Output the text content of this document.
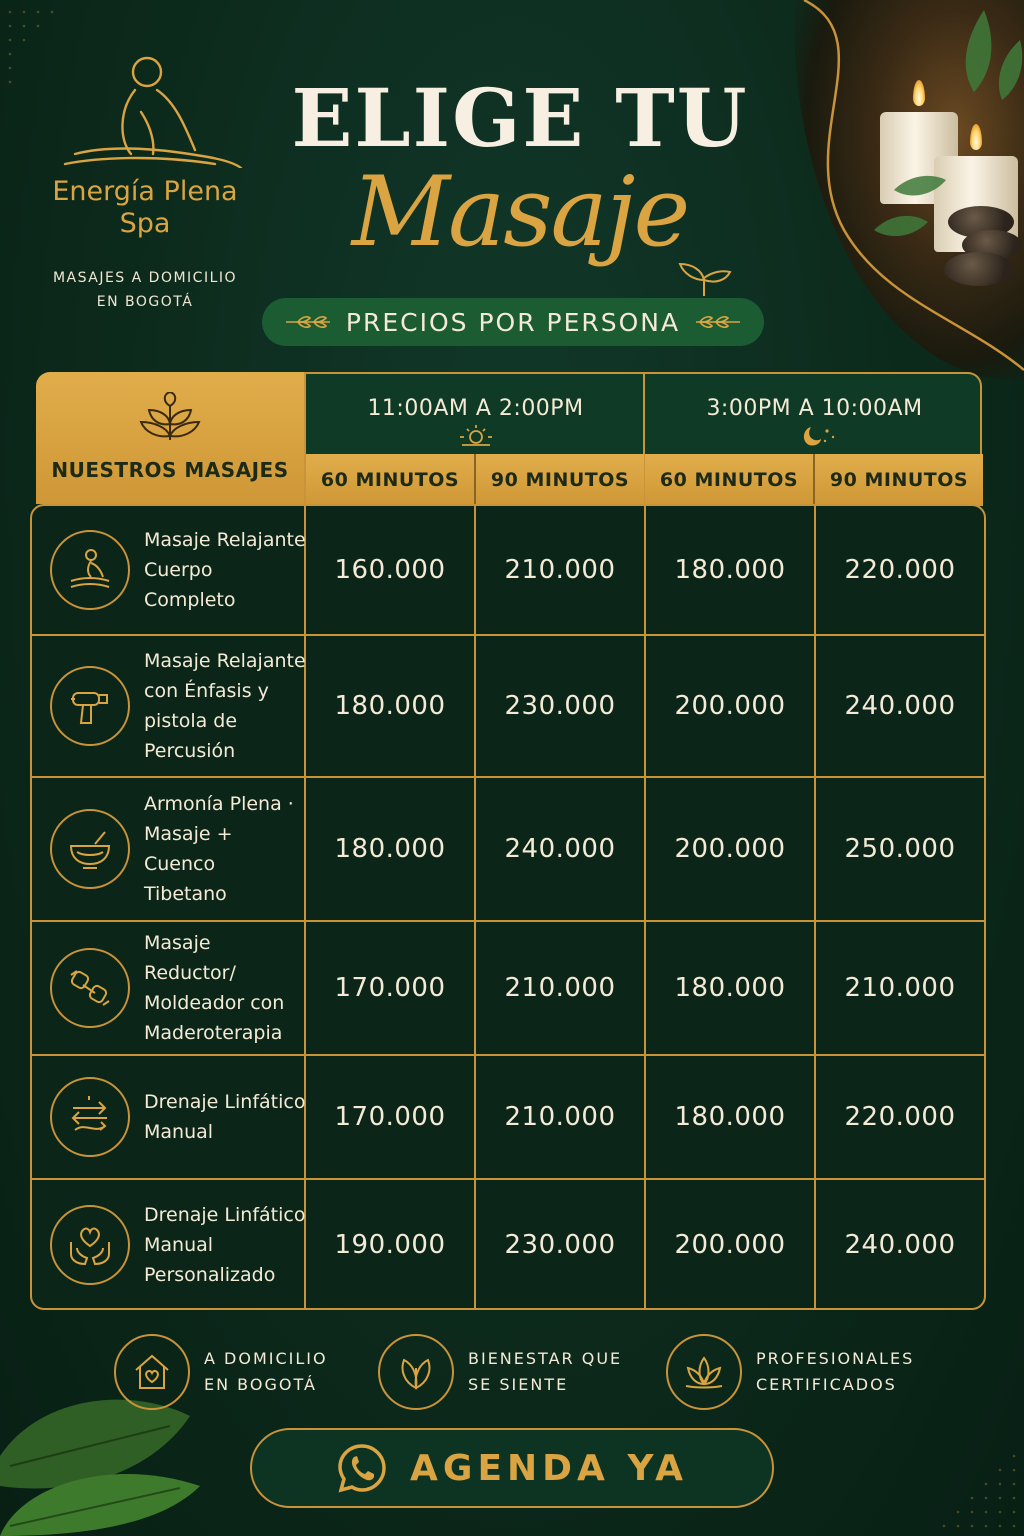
Energía Plena
Spa
MASAJES A DOMICILIO
EN BOGOTÁ
ELIGE TU
Masaje
PRECIOS POR PERSONA
NUESTROS MASAJES
11:00AM A 2:00PM	3:00PM A 10:00AM
60 MINUTOS	90 MINUTOS	60 MINUTOS	90 MINUTOS
Masaje Relajante
Cuerpo Completo
160.000	210.000	180.000	220.000
Masaje Relajante
con Énfasis y
pistola de Percusión
180.000	230.000	200.000	240.000
Armonía Plena ·
Masaje + Cuenco
Tibetano
180.000	240.000	200.000	250.000
Masaje Reductor/
Moldeador con
Maderoterapia
170.000	210.000	180.000	210.000
Drenaje Linfático
Manual	170.000	210.000	180.000	220.000
Drenaje Linfático
Manual
Personalizado
190.000	230.000	200.000	240.000
A DOMICILIO
EN BOGOTÁ
BIENESTAR QUE
SE SIENTE
PROFESIONALES
CERTIFICADOS
AGENDA YA
